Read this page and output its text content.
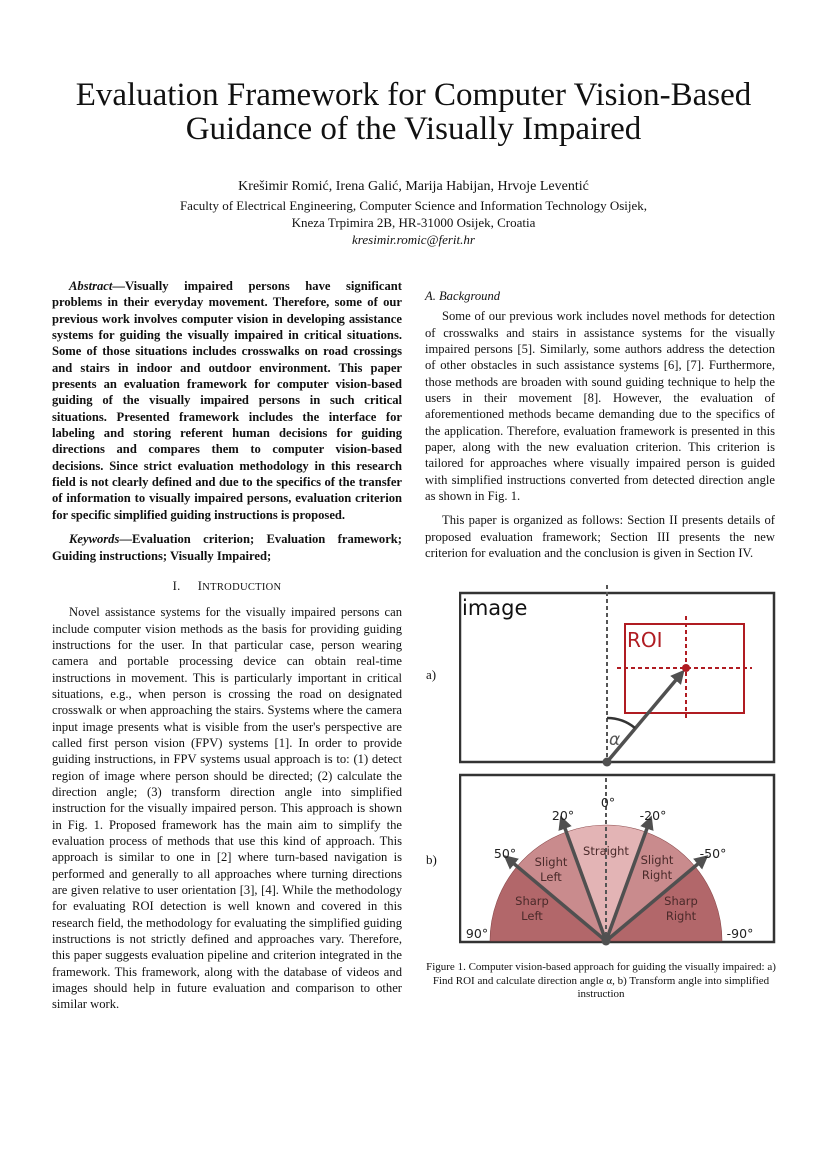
Evaluation Framework for Computer Vision-Based
Guidance of the Visually Impaired
Krešimir Romić, Irena Galić, Marija Habijan, Hrvoje Leventić
Faculty of Electrical Engineering, Computer Science and Information Technology Osijek,
Kneza Trpimira 2B, HR-31000 Osijek, Croatia
kresimir.romic@ferit.hr

Abstract—Visually impaired persons have significant problems in their everyday movement. Therefore, some of our previous work involves computer vision in developing assistance systems for guiding the visually impaired in critical situations. Some of those situations includes crosswalks on road crossings and stairs in indoor and outdoor environment. This paper presents an evaluation framework for computer vision-based guiding of the visually impaired persons in such critical situations. Presented framework includes the interface for labeling and storing referent human decisions for guiding directions and compares them to computer vision-based decisions. Since strict evaluation methodology in this research field is not clearly defined and due to the specifics of the transfer of information to visually impaired persons, evaluation criterion for specific simplified guiding instructions is proposed.

Keywords—Evaluation criterion; Evaluation framework; Guiding instructions; Visually Impaired;

I. INTRODUCTION

Novel assistance systems for the visually impaired persons can include computer vision methods as the basis for providing guiding instructions for the user. In that particular case, person wearing camera and portable processing device can obtain real-time instructions in movement. This is particularly important in critical situations, e.g., when person is crossing the road on designated crosswalk or when approaching the stairs. Systems where the camera input image presents what is visible from the user's perspective are called first person vision (FPV) systems [1]. In order to provide guiding instructions, in FPV systems usual approach is to: (1) detect region of image where person should be directed; (2) calculate the direction angle; (3) transform direction angle into simplified instruction for the visually impaired person. This approach is shown in Fig. 1. Proposed framework has the main aim to simplify the evaluation process of methods that use this kind of approach. This approach is similar to one in [2] where turn-based navigation is performed and generally to all approaches where turning directions are given relative to user orientation [3], [4]. While the methodology for evaluating ROI detection is well known and covered in this research field, the methodology for evaluating the simplified guiding instructions is not strictly defined and approaches vary. Therefore, this paper suggests evaluation pipeline and criterion integrated in the framework. This framework, along with the database of videos and images should help in future evaluation and comparison to other similar work.

A. Background

Some of our previous work includes novel methods for detection of crosswalks and stairs in assistance systems for the visually impaired persons [5]. Similarly, some authors address the detection of other obstacles in such assistance systems [6], [7]. Furthermore, those methods are broaden with sound guiding technique to help the users in their movement [8]. However, the evaluation of aforementioned methods became demanding due to the specifics of the application. Therefore, evaluation framework is presented in this paper, along with the new evaluation criterion. This criterion is tailored for approaches where visually impaired person is guided with simplified instructions converted from detected direction angle as shown in Fig. 1.

This paper is organized as follows: Section II presents details of proposed evaluation framework; Section III presents the new criterion for evaluation and the conclusion is given in Section IV.

a)
b)
image
ROI
α
0°
20°	-20°
50°	-50°
90°	-90°
Sharp
Left
Slight
Left
Straight
Slight
Right
Sharp
Right
Figure 1. Computer vision-based approach for guiding the visually impaired: a) Find ROI and calculate direction angle α, b) Transform angle into simplified instruction
